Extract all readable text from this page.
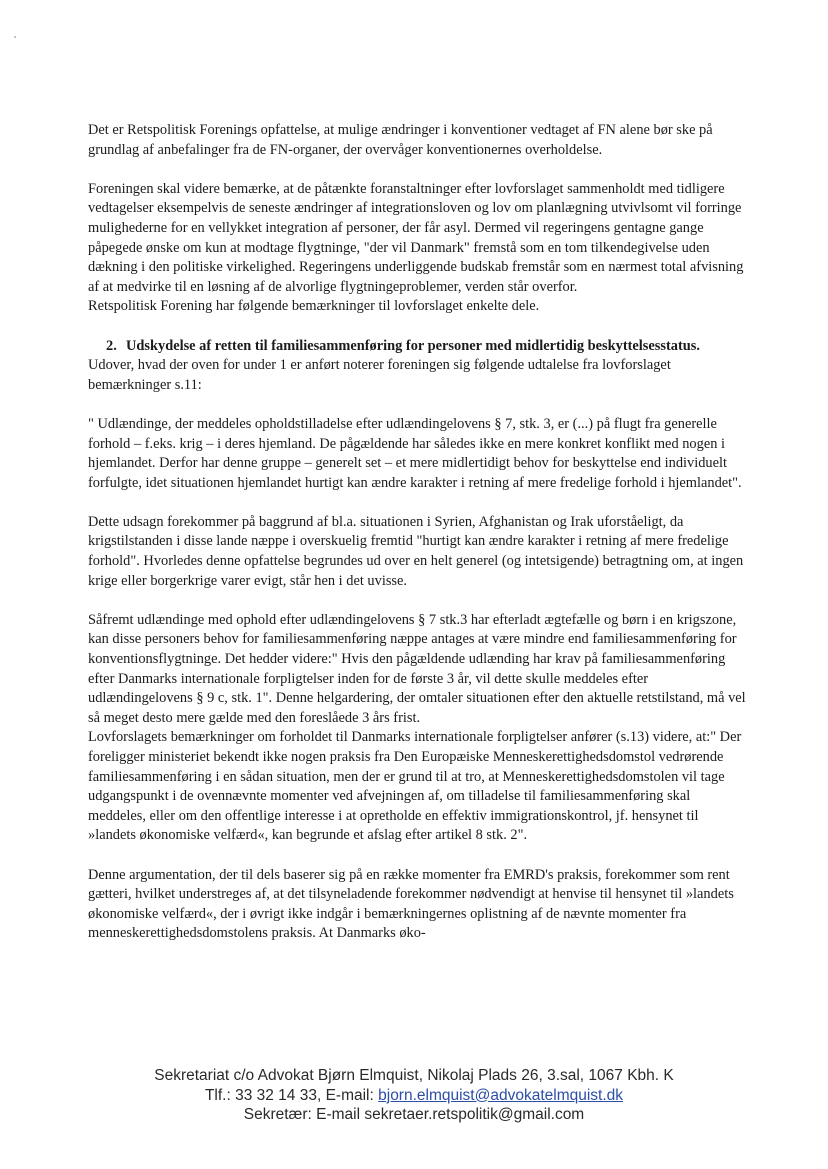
Det er Retspolitisk Forenings opfattelse, at mulige ændringer i konventioner vedtaget af FN alene bør ske på grundlag af anbefalinger fra de FN-organer, der overvåger konventionernes overholdelse.

Foreningen skal videre bemærke, at de påtænkte foranstaltninger efter lovforslaget sammenholdt med tidligere vedtagelser eksempelvis de seneste ændringer af integrationsloven og lov om planlægning utvivlsomt vil forringe mulighederne for en vellykket integration af personer, der får asyl. Dermed vil regeringens gentagne gange påpegede ønske om kun at modtage flygtninge, "der vil Danmark" fremstå som en tom tilkendegivelse uden dækning i den politiske virkelighed. Regeringens underliggende budskab fremstår som en nærmest total afvisning af at medvirke til en løsning af de alvorlige flygtningeproblemer, verden står overfor.

Retspolitisk Forening har følgende bemærkninger til lovforslaget enkelte dele.

2. Udskydelse af retten til familiesammenføring for personer med midlertidig beskyttelsesstatus.

Udover, hvad der oven for under 1 er anført noterer foreningen sig følgende udtalelse fra lovforslaget bemærkninger s.11:

" Udlændinge, der meddeles opholdstilladelse efter udlændingelovens § 7, stk. 3, er (...) på flugt fra generelle forhold – f.eks. krig – i deres hjemland. De pågældende har således ikke en mere konkret konflikt med nogen i hjemlandet. Derfor har denne gruppe – generelt set – et mere midlertidigt behov for beskyttelse end individuelt forfulgte, idet situationen hjemlandet hurtigt kan ændre karakter i retning af mere fredelige forhold i hjemlandet".

Dette udsagn forekommer på baggrund af bl.a. situationen i Syrien, Afghanistan og Irak uforståeligt, da krigstilstanden i disse lande næppe i overskuelig fremtid "hurtigt kan ændre karakter i retning af mere fredelige forhold". Hvorledes denne opfattelse begrundes ud over en helt generel (og intetsigende) betragtning om, at ingen krige eller borgerkrige varer evigt, står hen i det uvisse.

Såfremt udlændinge med ophold efter udlændingelovens § 7 stk.3 har efterladt ægtefælle og børn i en krigszone, kan disse personers behov for familiesammenføring næppe antages at være mindre end familiesammenføring for konventionsflygtninge. Det hedder videre:" Hvis den pågældende udlænding har krav på familiesammenføring efter Danmarks internationale forpligtelser inden for de første 3 år, vil dette skulle meddeles efter udlændingelovens § 9 c, stk. 1". Denne helgardering, der omtaler situationen efter den aktuelle retstilstand, må vel så meget desto mere gælde med den foreslåede 3 års frist.

Lovforslagets bemærkninger om forholdet til Danmarks internationale forpligtelser anfører (s.13) videre, at:" Der foreligger ministeriet bekendt ikke nogen praksis fra Den Europæiske Menneskerettighedsdomstol vedrørende familiesammenføring i en sådan situation, men der er grund til at tro, at Menneskerettighedsdomstolen vil tage udgangspunkt i de ovennævnte momenter ved afvejningen af, om tilladelse til familiesammenføring skal meddeles, eller om den offentlige interesse i at opretholde en effektiv immigrationskontrol, jf. hensynet til »landets økonomiske velfærd«, kan begrunde et afslag efter artikel 8 stk. 2".

Denne argumentation, der til dels baserer sig på en række momenter fra EMRD's praksis, forekommer som rent gætteri, hvilket understreges af, at det tilsyneladende forekommer nødvendigt at henvise til hensynet til »landets økonomiske velfærd«, der i øvrigt ikke indgår i bemærkningernes oplistning af de nævnte momenter fra menneskerettighedsdomstolens praksis. At Danmarks øko-

Sekretariat c/o Advokat Bjørn Elmquist, Nikolaj Plads 26, 3.sal, 1067 Kbh. K
Tlf.: 33 32 14 33, E-mail: bjorn.elmquist@advokatelmquist.dk
Sekretær: E-mail sekretaer.retspolitik@gmail.com
